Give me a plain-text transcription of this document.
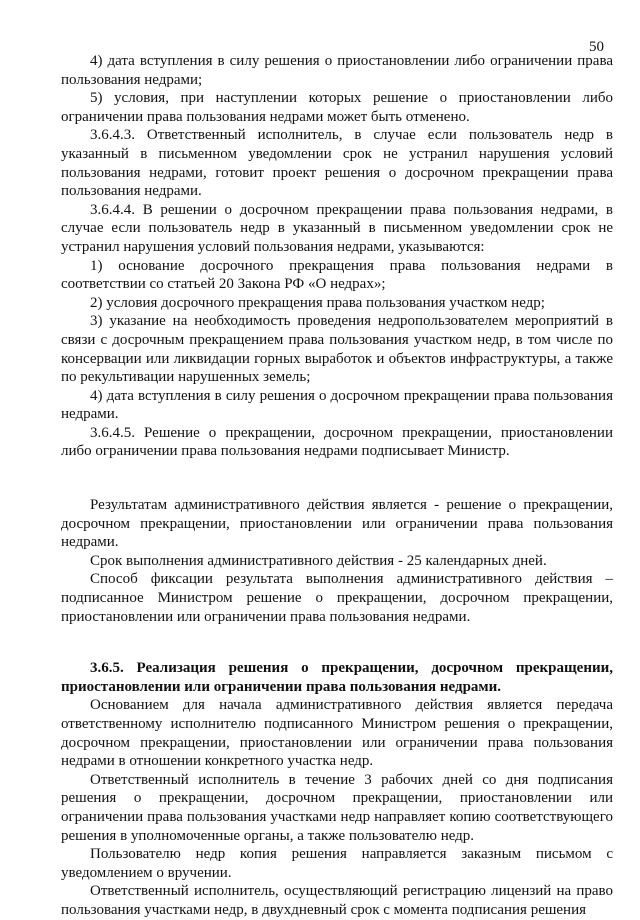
50

4) дата вступления в силу решения о приостановлении либо ограничении права пользования недрами;

5) условия, при наступлении которых решение о приостановлении либо ограничении права пользования недрами может быть отменено.

3.6.4.3. Ответственный исполнитель, в случае если пользователь недр в указанный в письменном уведомлении срок не устранил нарушения условий пользования недрами, готовит проект решения о досрочном прекращении права пользования недрами.

3.6.4.4. В решении о досрочном прекращении права пользования недрами, в случае если пользователь недр в указанный в письменном уведомлении срок не устранил нарушения условий пользования недрами, указываются:

1) основание досрочного прекращения права пользования недрами в соответствии со статьей 20 Закона РФ «О недрах»;

2) условия досрочного прекращения права пользования участком недр;

3) указание на необходимость проведения недропользователем мероприятий в связи с досрочным прекращением права пользования участком недр, в том числе по консервации или ликвидации горных выработок и объектов инфраструктуры, а также по рекультивации нарушенных земель;

4) дата вступления в силу решения о досрочном прекращении права пользования недрами.

3.6.4.5. Решение о прекращении, досрочном прекращении, приостановлении либо ограничении права пользования недрами подписывает Министр.

Результатам административного действия является - решение о прекращении, досрочном прекращении, приостановлении или ограничении права пользования недрами.

Срок выполнения административного действия - 25 календарных дней.

Способ фиксации результата выполнения административного действия – подписанное Министром решение о прекращении, досрочном прекращении, приостановлении или ограничении права пользования недрами.

3.6.5. Реализация решения о прекращении, досрочном прекращении, приостановлении или ограничении права пользования недрами.

Основанием для начала административного действия является передача ответственному исполнителю подписанного Министром решения о прекращении, досрочном прекращении, приостановлении или ограничении права пользования недрами в отношении конкретного участка недр.

Ответственный исполнитель в течение 3 рабочих дней со дня подписания решения о прекращении, досрочном прекращении, приостановлении или ограничении права пользования участками недр направляет копию соответствующего решения в уполномоченные органы, а также пользователю недр.

Пользователю недр копия решения направляется заказным письмом с уведомлением о вручении.

Ответственный исполнитель, осуществляющий регистрацию лицензий на право пользования участками недр, в двухдневный срок с момента подписания решения
